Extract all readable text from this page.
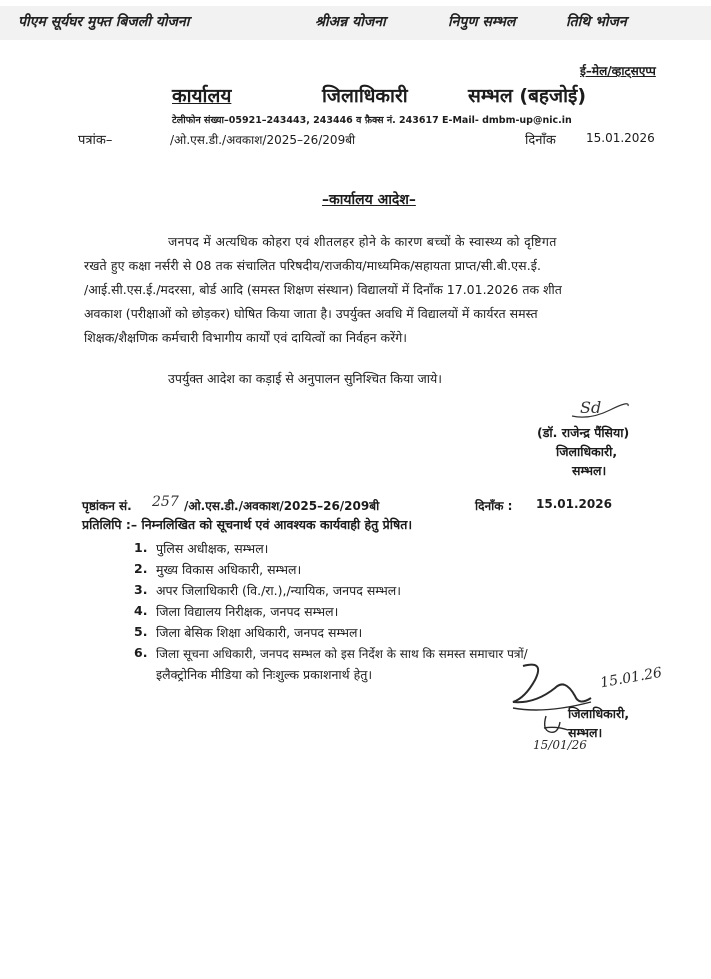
पीएम सूर्यघर मुफ्त बिजली योजना	श्रीअन्न योजना	निपुण सम्भल	तिथि भोजन
ई–मेल/व्हाट्सएप्प
कार्यालय	जिलाधिकारी	सम्भल (बहजोई)
टेलीफोन संख्या–05921–243443, 243446 व फ़ैक्स नं. 243617 E-Mail- dmbm-up@nic.in
पत्रांक–	/ओ.एस.डी./अवकाश/2025–26/209बी	दिनाँक	15.01.2026
–कार्यालय आदेश–
जनपद में अत्यधिक कोहरा एवं शीतलहर होने के कारण बच्चों के स्वास्थ्य को दृष्टिगत
रखते हुए कक्षा नर्सरी से 08 तक संचालित परिषदीय/राजकीय/माध्यमिक/सहायता प्राप्त/सी.बी.एस.ई.
/आई.सी.एस.ई./मदरसा, बोर्ड आदि (समस्त शिक्षण संस्थान) विद्यालयों में दिनाँक 17.01.2026 तक शीत
अवकाश (परीक्षाओं को छोड़कर) घोषित किया जाता है। उपर्युक्त अवधि में विद्यालयों में कार्यरत समस्त
शिक्षक/शैक्षणिक कर्मचारी विभागीय कार्यों एवं दायित्वों का निर्वहन करेंगे।
उपर्युक्त आदेश का कड़ाई से अनुपालन सुनिश्चित किया जाये।
Sd
(डॉ. राजेन्द्र पैंसिया)
जिलाधिकारी,
सम्भल।
पृष्ठांकन सं. 257 /ओ.एस.डी./अवकाश/2025–26/209बी	दिनाँक : 15.01.2026
प्रतिलिपि :– निम्नलिखित को सूचनार्थ एवं आवश्यक कार्यवाही हेतु प्रेषित।
1. पुलिस अधीक्षक, सम्भल।
2. मुख्य विकास अधिकारी, सम्भल।
3. अपर जिलाधिकारी (वि./रा.),/न्यायिक, जनपद सम्भल।
4. जिला विद्यालय निरीक्षक, जनपद सम्भल।
5. जिला बेसिक शिक्षा अधिकारी, जनपद सम्भल।
6. जिला सूचना अधिकारी, जनपद सम्भल को इस निर्देश के साथ कि समस्त समाचार पत्रों/
इलैक्ट्रोनिक मीडिया को निःशुल्क प्रकाशनार्थ हेतु।	15.01.26
जिलाधिकारी,
सम्भल।
15/01/26
